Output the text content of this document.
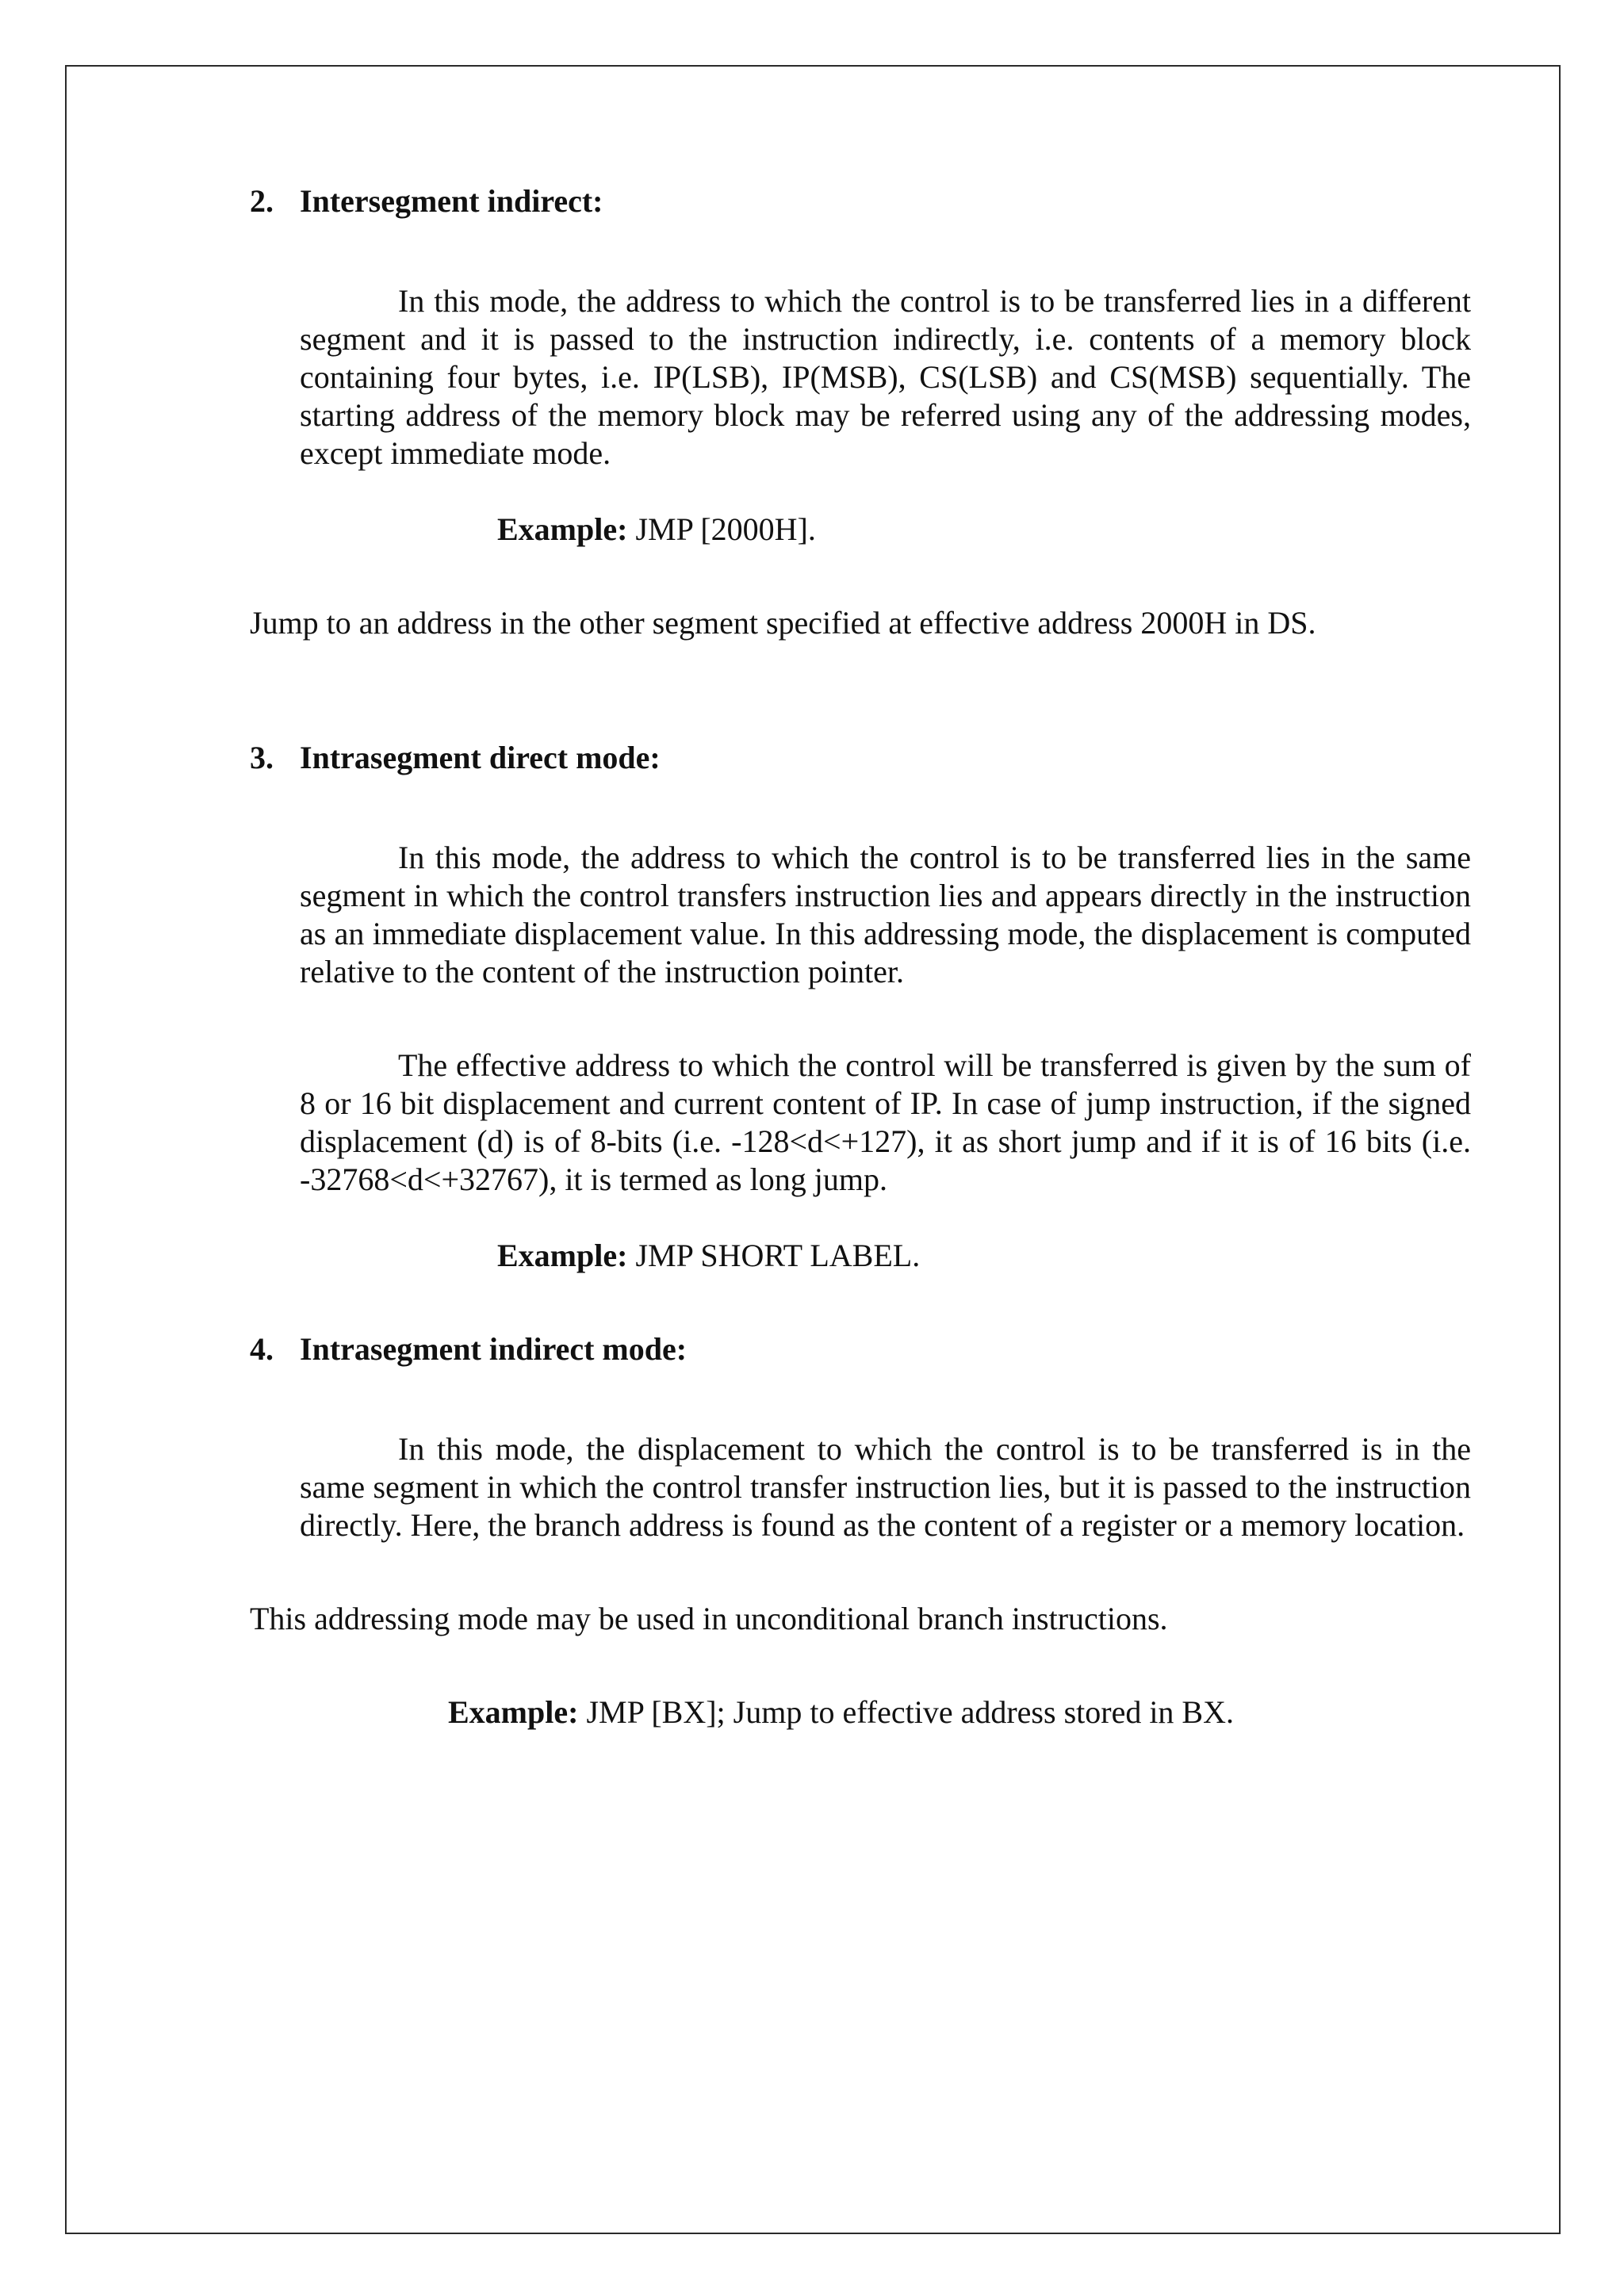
2. Intersegment indirect:

In this mode, the address to which the control is to be transferred lies in a different segment and it is passed to the instruction indirectly, i.e. contents of a memory block containing four bytes, i.e. IP(LSB), IP(MSB), CS(LSB) and CS(MSB) sequentially. The starting address of the memory block may be referred using any of the addressing modes, except immediate mode.

Example: JMP [2000H].

Jump to an address in the other segment specified at effective address 2000H in DS.

3. Intrasegment direct mode:

In this mode, the address to which the control is to be transferred lies in the same segment in which the control transfers instruction lies and appears directly in the instruction as an immediate displacement value. In this addressing mode, the displacement is computed relative to the content of the instruction pointer.

The effective address to which the control will be transferred is given by the sum of 8 or 16 bit displacement and current content of IP. In case of jump instruction, if the signed displacement (d) is of 8-bits (i.e. -128<d<+127), it as short jump and if it is of 16 bits (i.e. -32768<d<+32767), it is termed as long jump.

Example: JMP SHORT LABEL.

4. Intrasegment indirect mode:

In this mode, the displacement to which the control is to be transferred is in the same segment in which the control transfer instruction lies, but it is passed to the instruction directly. Here, the branch address is found as the content of a register or a memory location.

This addressing mode may be used in unconditional branch instructions.

Example: JMP [BX]; Jump to effective address stored in BX.
